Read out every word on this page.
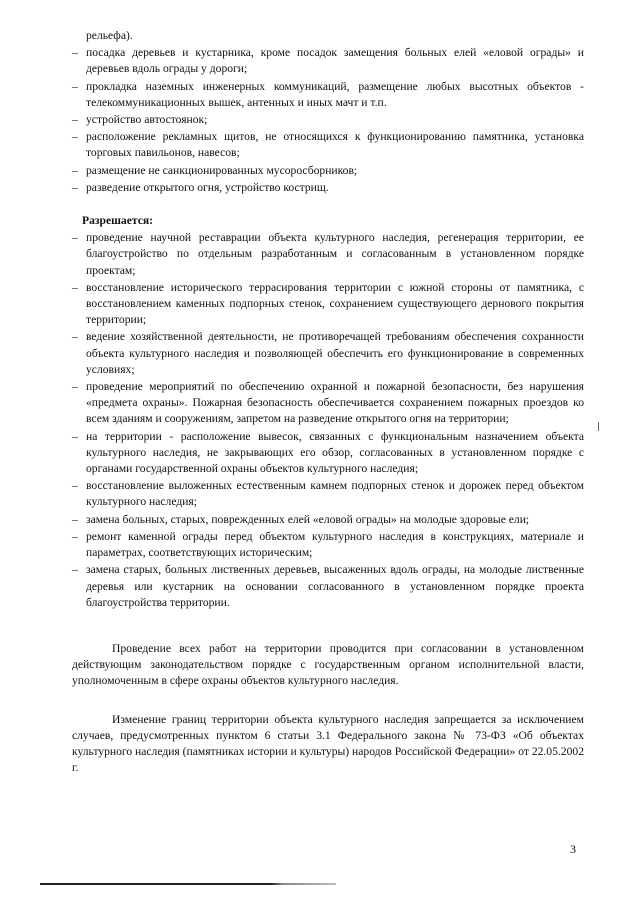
рельефа).
– посадка деревьев и кустарника, кроме посадок замещения больных елей «еловой ограды» и деревьев вдоль ограды у дороги;
– прокладка наземных инженерных коммуникаций, размещение любых высотных объектов - телекоммуникационных вышек, антенных и иных мачт и т.п.
– устройство автостоянок;
– расположение рекламных щитов, не относящихся к функционированию памятника, установка торговых павильонов, навесов;
– размещение не санкционированных мусоросборников;
– разведение открытого огня, устройство кострищ.
Разрешается:
– проведение научной реставрации объекта культурного наследия, регенерация территории, ее благоустройство по отдельным разработанным и согласованным в установленном порядке проектам;
– восстановление исторического террасирования территории с южной стороны от памятника, с восстановлением каменных подпорных стенок, сохранением существующего дернового покрытия территории;
– ведение хозяйственной деятельности, не противоречащей требованиям обеспечения сохранности объекта культурного наследия и позволяющей обеспечить его функционирование в современных условиях;
– проведение мероприятий по обеспечению охранной и пожарной безопасности, без нарушения «предмета охраны». Пожарная безопасность обеспечивается сохранением пожарных проездов ко всем зданиям и сооружениям, запретом на разведение открытого огня на территории;
– на территории - расположение вывесок, связанных с функциональным назначением объекта культурного наследия, не закрывающих его обзор, согласованных в установленном порядке с органами государственной охраны объектов культурного наследия;
– восстановление выложенных естественным камнем подпорных стенок и дорожек перед объектом культурного наследия;
– замена больных, старых, поврежденных елей «еловой ограды» на молодые здоровые ели;
– ремонт каменной ограды перед объектом культурного наследия в конструкциях, материале и параметрах, соответствующих историческим;
– замена старых, больных лиственных деревьев, высаженных вдоль ограды, на молодые лиственные деревья или кустарник на основании согласованного в установленном порядке проекта благоустройства территории.

Проведение всех работ на территории проводится при согласовании в установленном действующим законодательством порядке с государственным органом исполнительной власти, уполномоченным в сфере охраны объектов культурного наследия.

Изменение границ территории объекта культурного наследия запрещается за исключением случаев, предусмотренных пунктом 6 статьи 3.1 Федерального закона № 73-ФЗ «Об объектах культурного наследия (памятниках истории и культуры) народов Российской Федерации» от 22.05.2002 г.

3
